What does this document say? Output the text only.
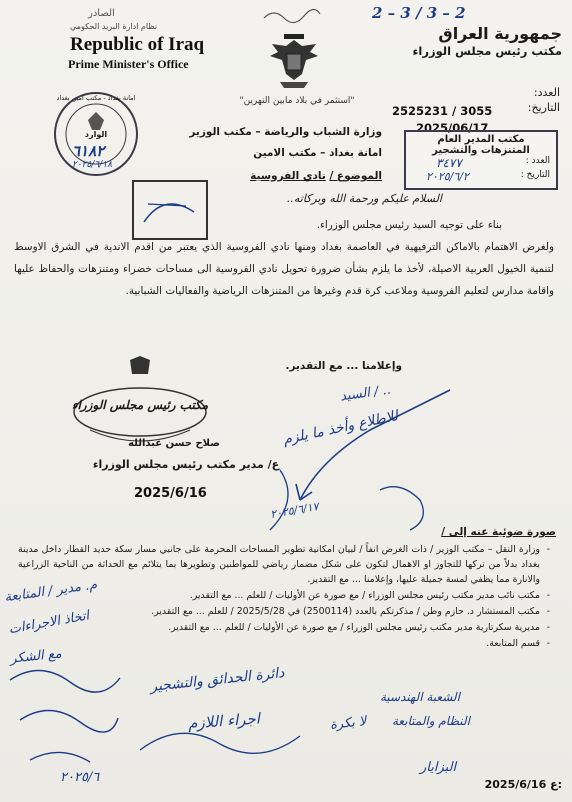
2 – 3 / 3 – 2
جمهورية العراق
مكتب رئيس مجلس الوزراء
الصادر
نظام ادارة البريد الحكومي
Republic of Iraq
Prime Minister's Office
"استثمر في بلاد مابين النهرين"
العدد:
2525231 / 3055	التاريخ:
2025/06/17
مكتب المدير العام
المتنزهات والتشجير
العدد :
٣٤٧٧
التاريخ :
٢٠٢٥/٦/٢
امانة بغداد - مكتب امين بغداد
الوارد
٦١٨٢
٢٠٢٥/٦/١٨
وزارة الشباب والرياضة – مكتب الوزير
امانة بغداد – مكتب الامين
الموضوع / نادي الفروسية
السلام عليكم ورحمة الله وبركاته..
بناء على توجيه السيد رئيس مجلس الوزراء.
ولغرض الاهتمام بالاماكن الترفيهية في العاصمة بغداد ومنها نادي الفروسية الذي يعتبر من اقدم الاندية في الشرق الاوسط لتنمية الخيول العربية الاصيلة، لأخذ ما يلزم بشأن ضرورة تحويل نادي الفروسية الى مساحات خضراء ومتنزهات والحفاظ عليها واقامة مدارس لتعليم الفروسية وملاعب كرة قدم وغيرها من المتنزهات الرياضية والفعاليات الشبابية.
وإعلامنا ... مع التقدير.
مكتب رئيس مجلس الوزراء
صلاح حسن عبدالله
ع/ مدير مكتب رئيس مجلس الوزراء
2025/6/16
السيد / ..
للاطلاع وأخذ ما يلزم
٢٠٢٥/٦/١٧
صورة ضوئية عنه إلى /
-
وزارة النقل – مكتب الوزير / ذات الغرض انفاً / لبيان امكانية تطوير المساحات المحرمة على جانبي مسار سكة حديد القطار داخل مدينة بغداد بدلاً من تركها للتجاوز او الاهمال لتكون على شكل مضمار رياضي للمواطنين وتطويرها بما يتلائم مع الحداثة من الناحية الزراعية والانارة مما يظفي لمسة جميلة عليها، وإعلامنا ... مع التقدير.
-
مكتب نائب مدير مكتب رئيس مجلس الوزراء / مع صورة عن الأوليات / للعلم ... مع التقدير.
-
مكتب المستشار د. حازم وطن / مذكرتكم بالعدد (2500114) في 2025/5/28 / للعلم ... مع التقدير.
-
مديرية سكرتارية مدير مكتب رئيس مجلس الوزراء / مع صورة عن الأوليات / للعلم ... مع التقدير.
-
قسم المتابعة.
م. مدير / المتابعة
اتخاذ الاجراءات
مع الشكر
٢٠٢٥/٦
دائرة الحدائق والتشجير
اجراء اللازم
الشعبة الهندسية
النظام والمتابعة
لا بكرة
البزايار
2025/6/16 ع:
